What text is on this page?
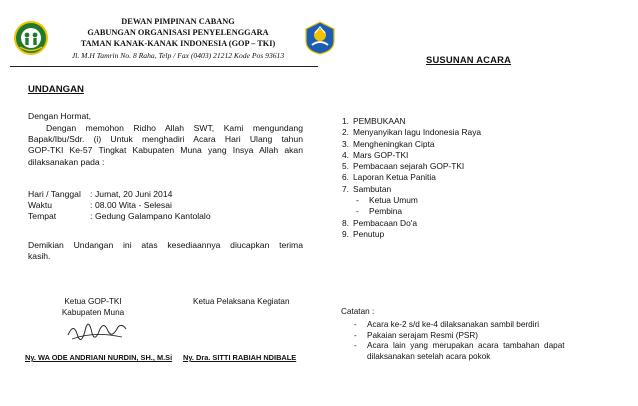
DEWAN PIMPINAN CABANG
GABUNGAN ORGANISASI PENYELENGGARA
TAMAN KANAK-KANAK INDONESIA (GOP – TKI)
Jl. M.H Tamrin No. 8 Raha, Telp / Fax (0403) 21212 Kode Pos 93613
UNDANGAN
Dengan Hormat,
Dengan memohon Ridho Allah SWT, Kami mengundang
Bapak/Ibu/Sdr. (i) Untuk menghadiri Acara Hari Ulang tahun
GOP-TKI Ke-57 Tingkat Kabupaten Muna yang Insya Allah akan
dilaksanakan pada :
Hari / Tanggal	: Jumat, 20 Juni 2014
Waktu	: 08.00 Wita - Selesai
Tempat	: Gedung Galampano Kantolalo
Demikian Undangan ini atas kesediaannya diucapkan terima
kasih.
Ketua GOP-TKI
Kabupaten Muna
Ny. WA ODE ANDRIANI NURDIN, SH., M.Si
Ketua Pelaksana Kegiatan
Ny. Dra. SITTI RABIAH NDIBALE
SUSUNAN ACARA
1. PEMBUKAAN
2. Menyanyikan lagu Indonesia Raya
3. Mengheningkan Cipta
4. Mars GOP-TKI
5. Pembacaan sejarah GOP-TKI
6. Laporan Ketua Panitia
7. Sambutan
- Ketua Umum
- Pembina
8. Pembacaan Do'a
9. Penutup
Catatan :
-	Acara ke-2 s/d ke-4 dilaksanakan sambil berdiri
-	Pakaian serajam Resmi (PSR)
-	Acara  lain  yang  merupakan  acara  tambahan  dapat
dilaksanakan setelah acara pokok
